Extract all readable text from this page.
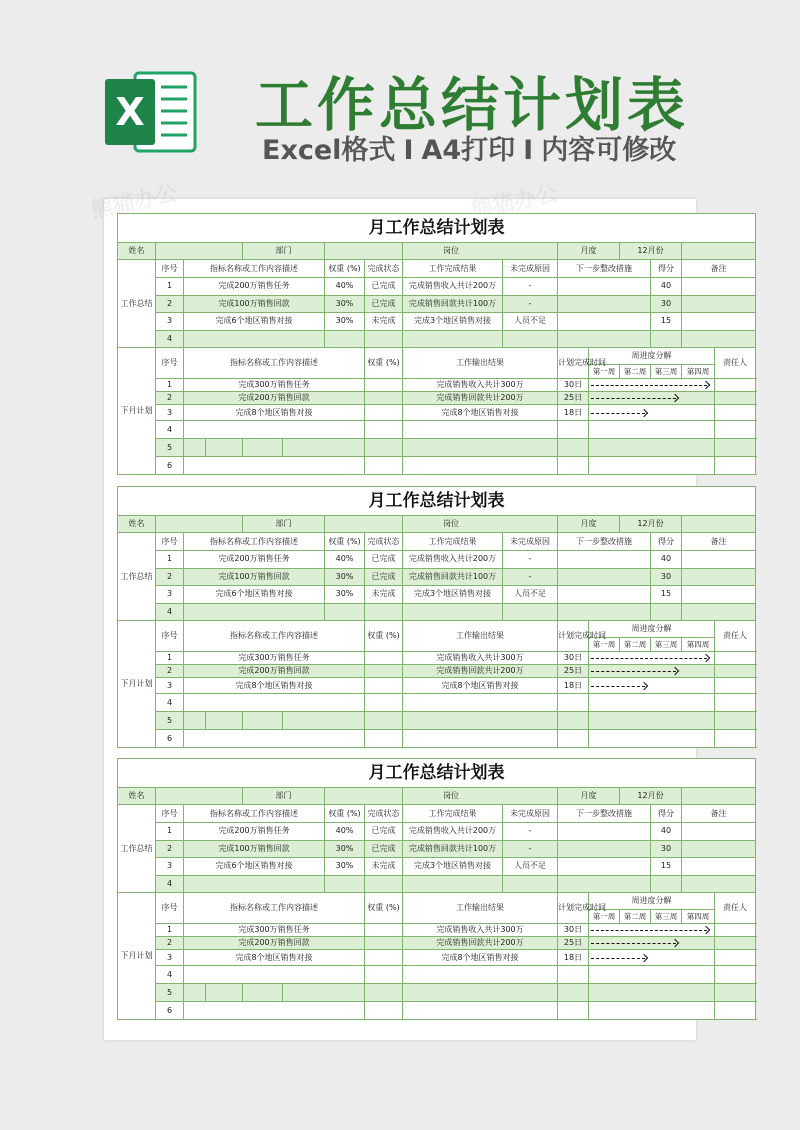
X 工作总结计划表
Excel格式 I A4打印 I 内容可修改
月工作总结计划表															
姓名				部门				岗位		月度		12月份			
工作总结	序号	指标名称或工作内容描述				权重 (%)	完成状态	工作完成结果	未完成原因	下一步整改措施			得分	备注	
	1	完成200万销售任务				40%	已完成	完成销售收入共计200万	-				40		
	2	完成100万销售回款				30%	已完成	完成销售回款共计100万	-				30		
	3	完成6个地区销售对接				30%	未完成	完成3个地区销售对接	人员不足				15		
	4														
下月计划	序号	指标名称或工作内容描述					权重 (%)	工作输出结果		计划完成时间	周进度分解				责任人
											第一周	第二周	第三周	第四周	
	1	完成300万销售任务						完成销售收入共计300万		30日				

	2	完成200万销售回款						完成销售回款共计200万		25日				

	3	完成8个地区销售对接						完成8个地区销售对接		18日				

	4														
	5														
	6														
月工作总结计划表															
姓名				部门				岗位		月度		12月份			
工作总结	序号	指标名称或工作内容描述				权重 (%)	完成状态	工作完成结果	未完成原因	下一步整改措施			得分	备注	
	1	完成200万销售任务				40%	已完成	完成销售收入共计200万	-				40		
	2	完成100万销售回款				30%	已完成	完成销售回款共计100万	-				30		
	3	完成6个地区销售对接				30%	未完成	完成3个地区销售对接	人员不足				15		
	4														
下月计划	序号	指标名称或工作内容描述					权重 (%)	工作输出结果		计划完成时间	周进度分解				责任人
											第一周	第二周	第三周	第四周	
	1	完成300万销售任务						完成销售收入共计300万		30日				

	2	完成200万销售回款						完成销售回款共计200万		25日				

	3	完成8个地区销售对接						完成8个地区销售对接		18日				

	4														
	5														
	6														
月工作总结计划表															
姓名				部门				岗位		月度		12月份			
工作总结	序号	指标名称或工作内容描述				权重 (%)	完成状态	工作完成结果	未完成原因	下一步整改措施			得分	备注	
	1	完成200万销售任务				40%	已完成	完成销售收入共计200万	-				40		
	2	完成100万销售回款				30%	已完成	完成销售回款共计100万	-				30		
	3	完成6个地区销售对接				30%	未完成	完成3个地区销售对接	人员不足				15		
	4														
下月计划	序号	指标名称或工作内容描述					权重 (%)	工作输出结果		计划完成时间	周进度分解				责任人
											第一周	第二周	第三周	第四周	
	1	完成300万销售任务						完成销售收入共计300万		30日				

	2	完成200万销售回款						完成销售回款共计200万		25日				

	3	完成8个地区销售对接						完成8个地区销售对接		18日				

	4														
	5														
	6														
